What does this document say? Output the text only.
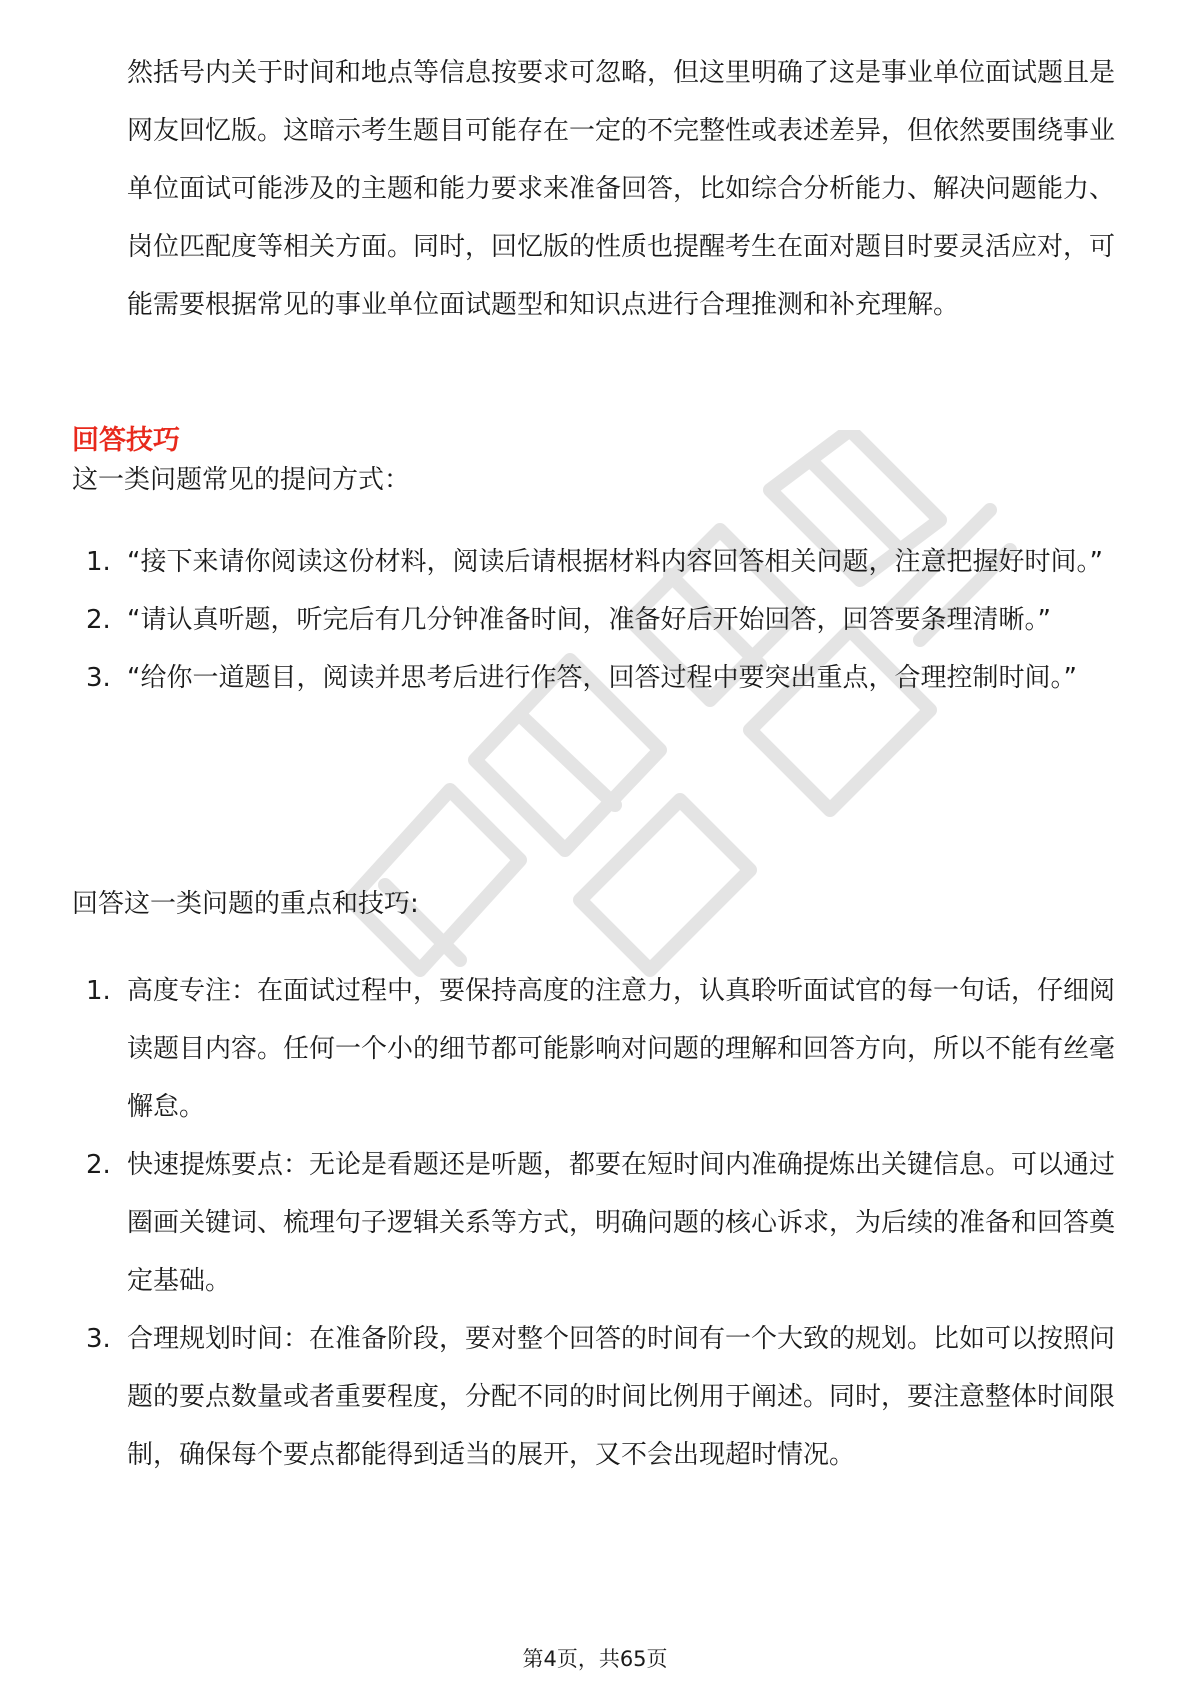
然括号内关于时间和地点等信息按要求可忽略，但这里明确了这是事业单位面试题且是网友回忆版。这暗示考生题目可能存在一定的不完整性或表述差异，但依然要围绕事业单位面试可能涉及的主题和能力要求来准备回答，比如综合分析能力、解决问题能力、岗位匹配度等相关方面。同时，回忆版的性质也提醒考生在面对题目时要灵活应对，可能需要根据常见的事业单位面试题型和知识点进行合理推测和补充理解。

回答技巧

这一类问题常见的提问方式：

1. “接下来请你阅读这份材料，阅读后请根据材料内容回答相关问题，注意把握好时间。”
2. “请认真听题，听完后有几分钟准备时间，准备好后开始回答，回答要条理清晰。”
3. “给你一道题目，阅读并思考后进行作答，回答过程中要突出重点，合理控制时间。”

回答这一类问题的重点和技巧:

1. 高度专注：在面试过程中，要保持高度的注意力，认真聆听面试官的每一句话，仔细阅读题目内容。任何一个小的细节都可能影响对问题的理解和回答方向，所以不能有丝毫懈怠。
2. 快速提炼要点：无论是看题还是听题，都要在短时间内准确提炼出关键信息。可以通过圈画关键词、梳理句子逻辑关系等方式，明确问题的核心诉求，为后续的准备和回答奠定基础。
3. 合理规划时间：在准备阶段，要对整个回答的时间有一个大致的规划。比如可以按照问题的要点数量或者重要程度，分配不同的时间比例用于阐述。同时，要注意整体时间限制，确保每个要点都能得到适当的展开，又不会出现超时情况。

第4页，共65页
